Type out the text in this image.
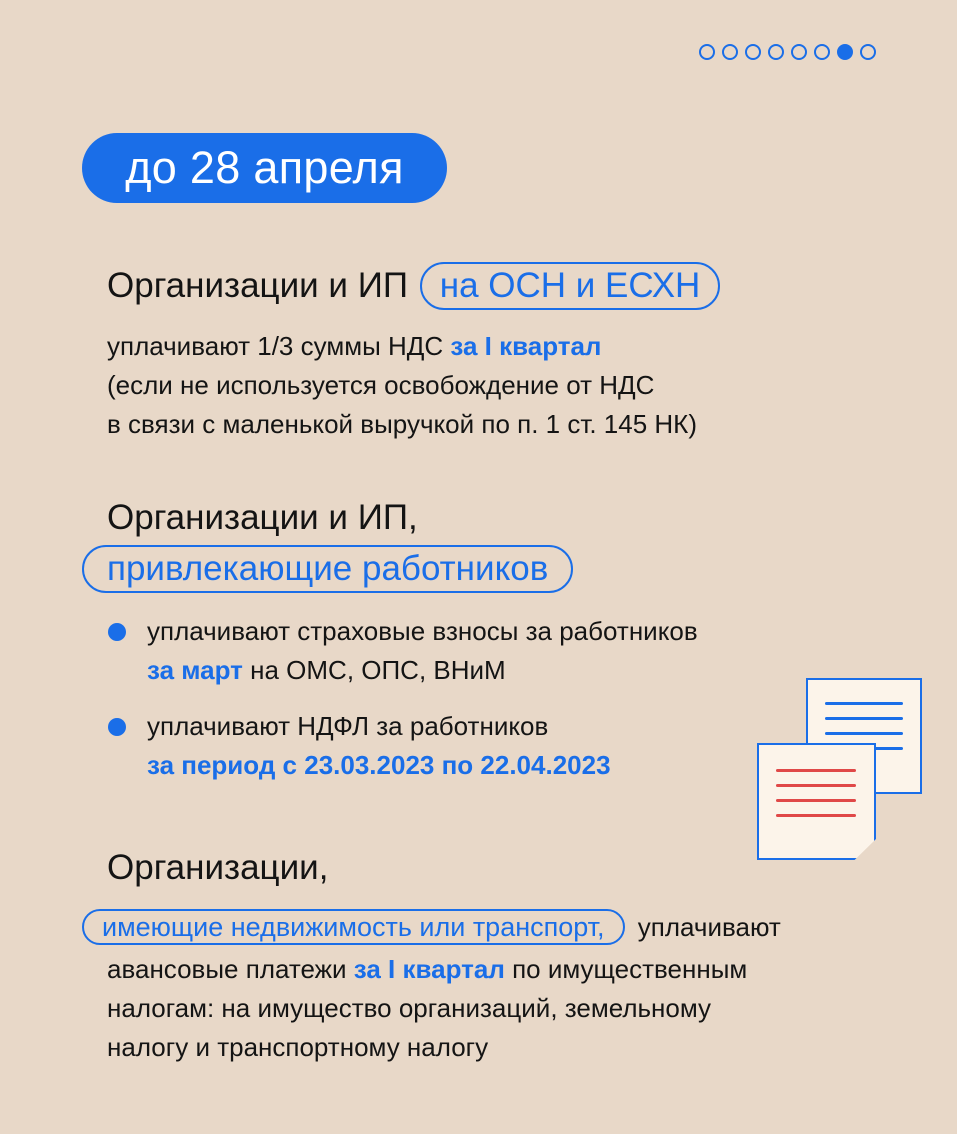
до 28 апреля
Организации и ИП на ОСН и ЕСХН
уплачивают 1/3 суммы НДС за I квартал
(если не используется освобождение от НДС
в связи с маленькой выручкой по п. 1 ст. 145 НК)
Организации и ИП,
привлекающие работников
уплачивают страховые взносы за работников
за март на ОМС, ОПС, ВНиМ
уплачивают НДФЛ за работников
за период с 23.03.2023 по 22.04.2023
Организации,
имеющие недвижимость или транспорт, уплачивают
авансовые платежи за I квартал по имущественным
налогам: на имущество организаций, земельному
налогу и транспортному налогу
